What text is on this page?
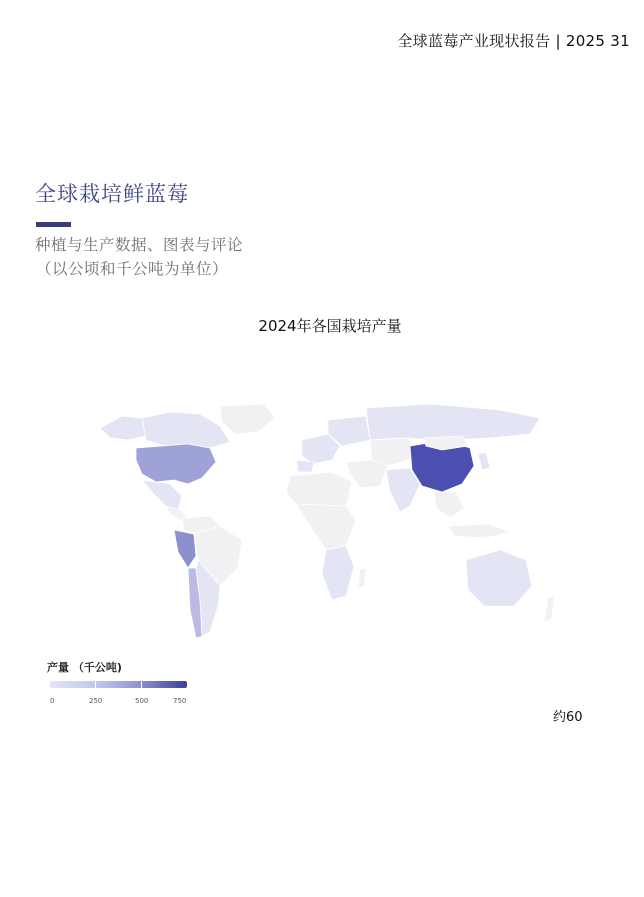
全球蓝莓产业现状报告 | 2025 31
全球栽培鲜蓝莓
种植与生产数据、图表与评论
（以公顷和千公吨为单位）
2024年各国栽培产量
产量 （千公吨)
0	250	500	750
约60
